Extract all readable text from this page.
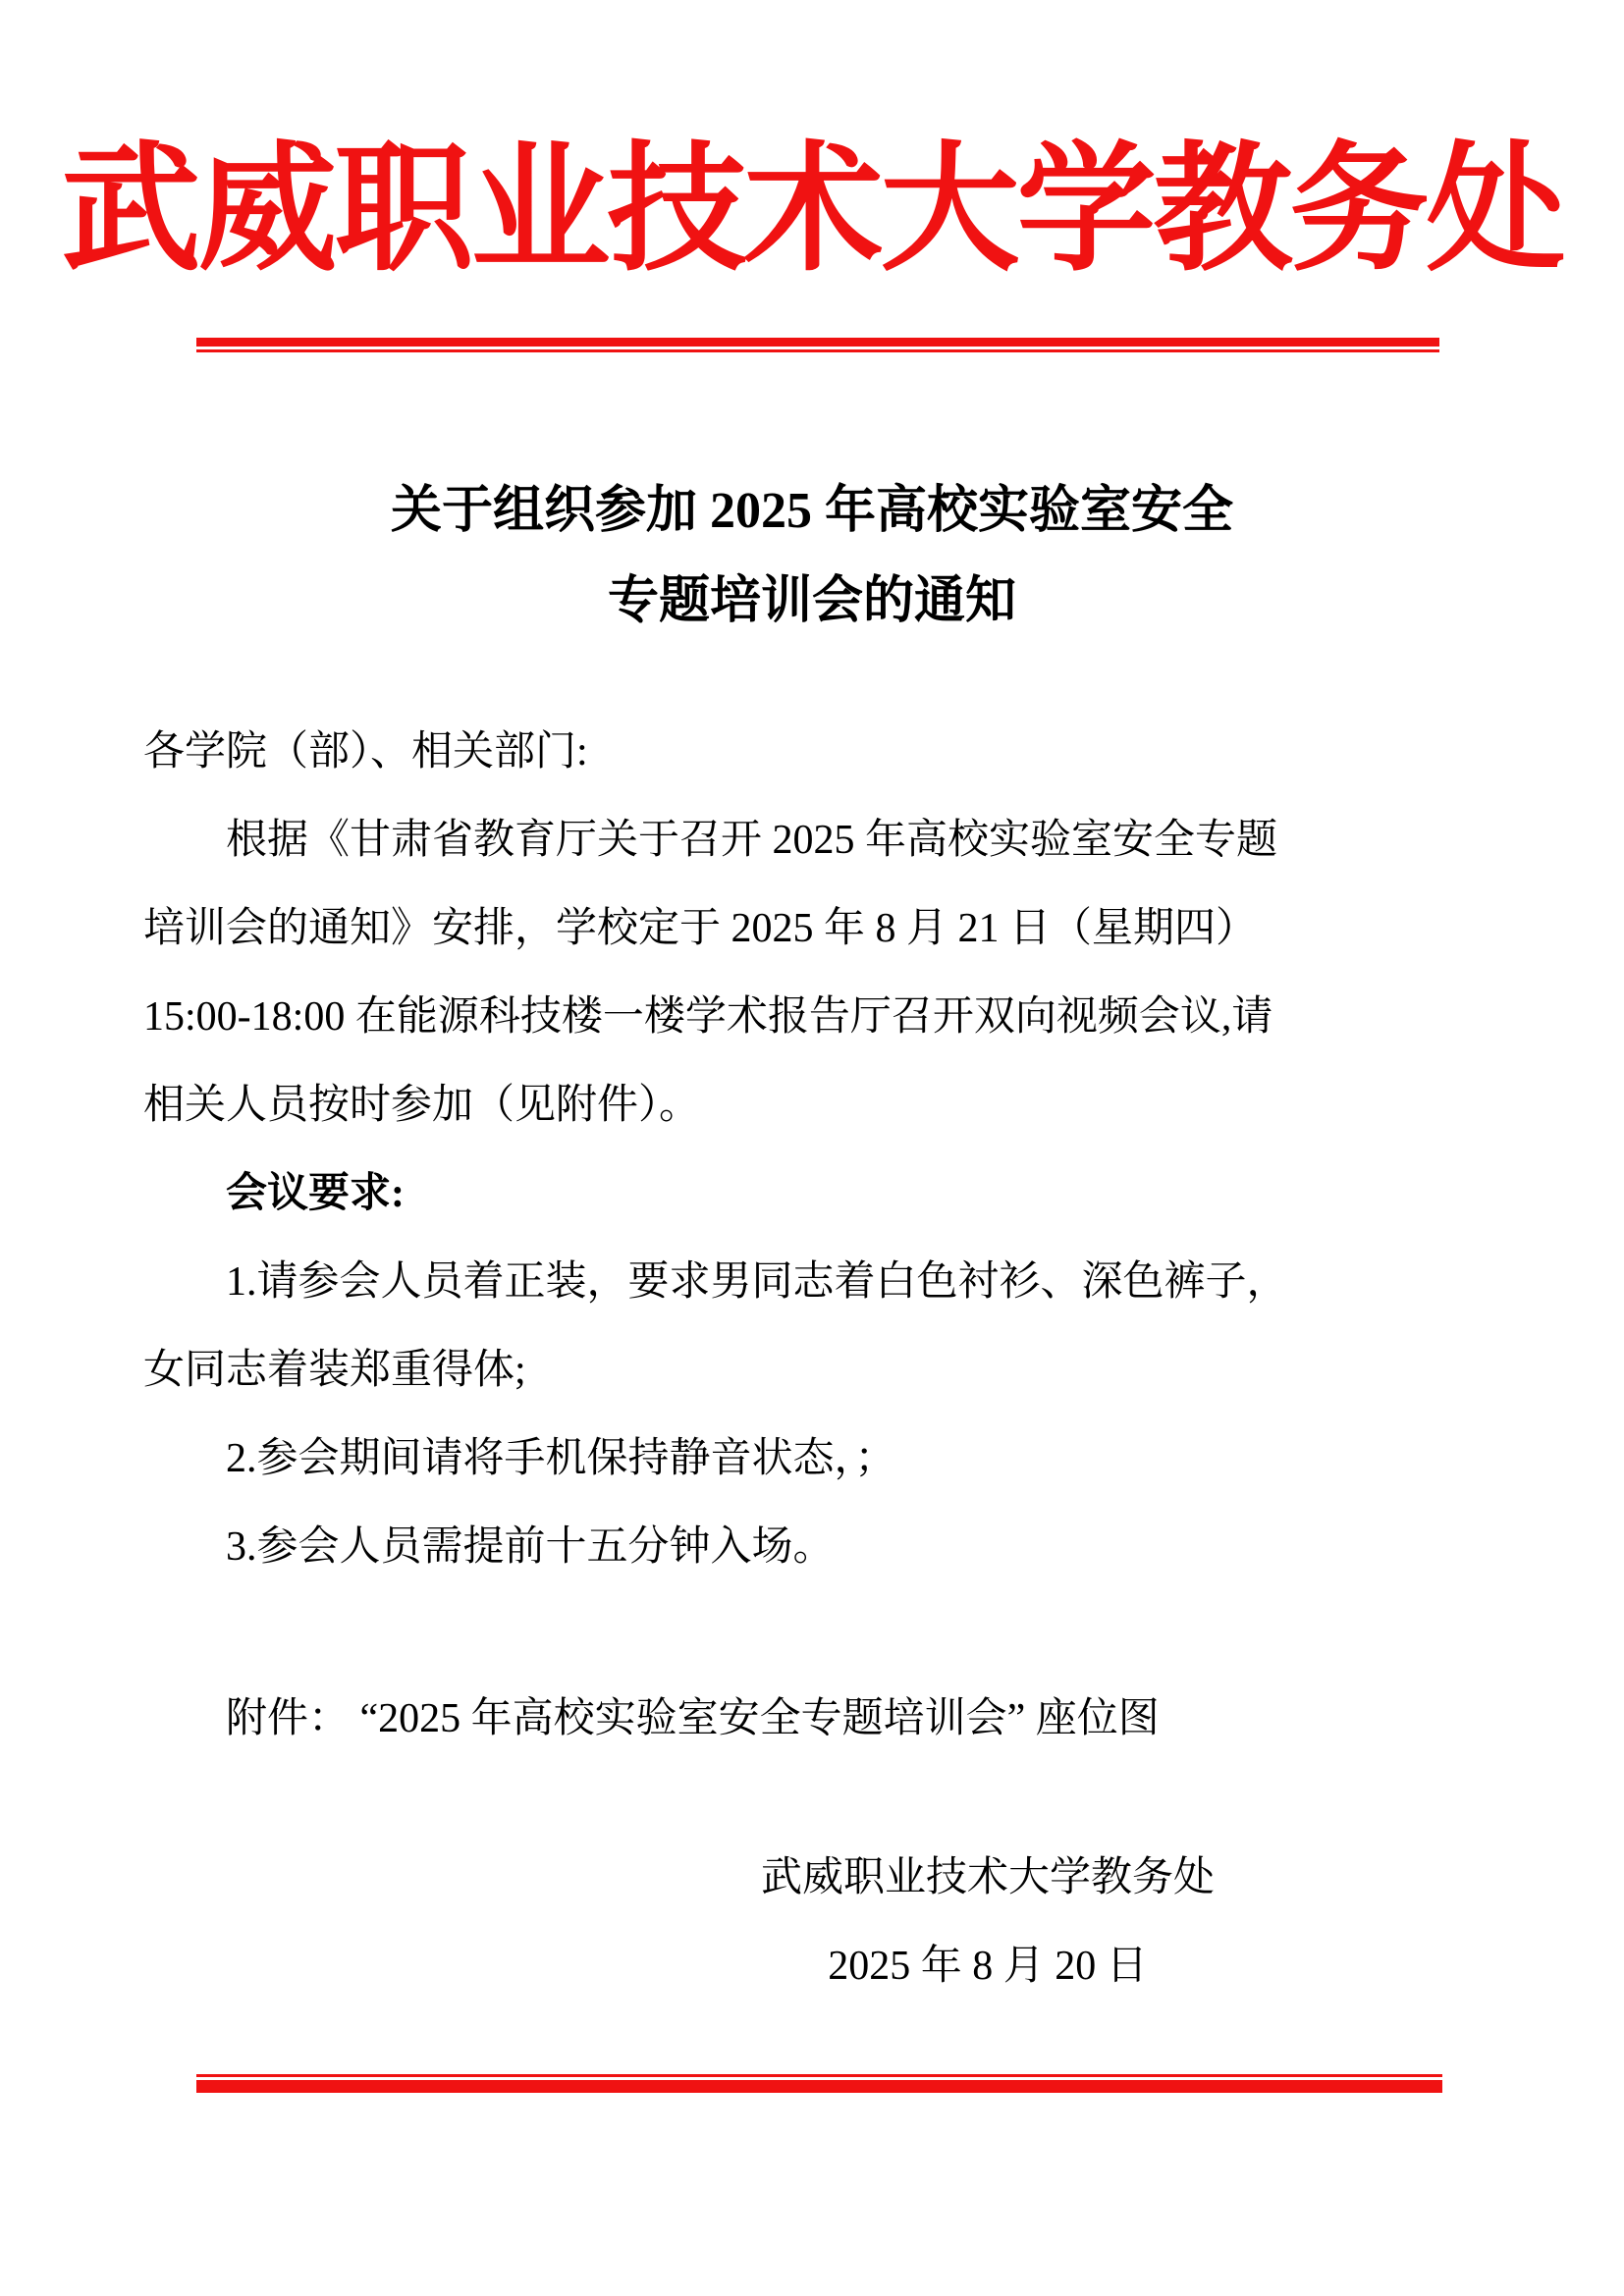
武威职业技术大学教务处
关于组织参加 2025 年高校实验室安全
专题培训会的通知

各学院（部）、相关部门:

根据《甘肃省教育厅关于召开 2025 年高校实验室安全专题

培训会的通知》安排，学校定于 2025 年 8 月 21 日（星期四）

15:00-18:00 在能源科技楼一楼学术报告厅召开双向视频会议,请

相关人员按时参加（见附件）。

会议要求:

1.请参会人员着正装，要求男同志着白色衬衫、深色裤子，

女同志着装郑重得体;

2.参会期间请将手机保持静音状态，；

3.参会人员需提前十五分钟入场。

附件： “2025 年高校实验室安全专题培训会” 座位图

武威职业技术大学教务处

2025 年 8 月 20 日
